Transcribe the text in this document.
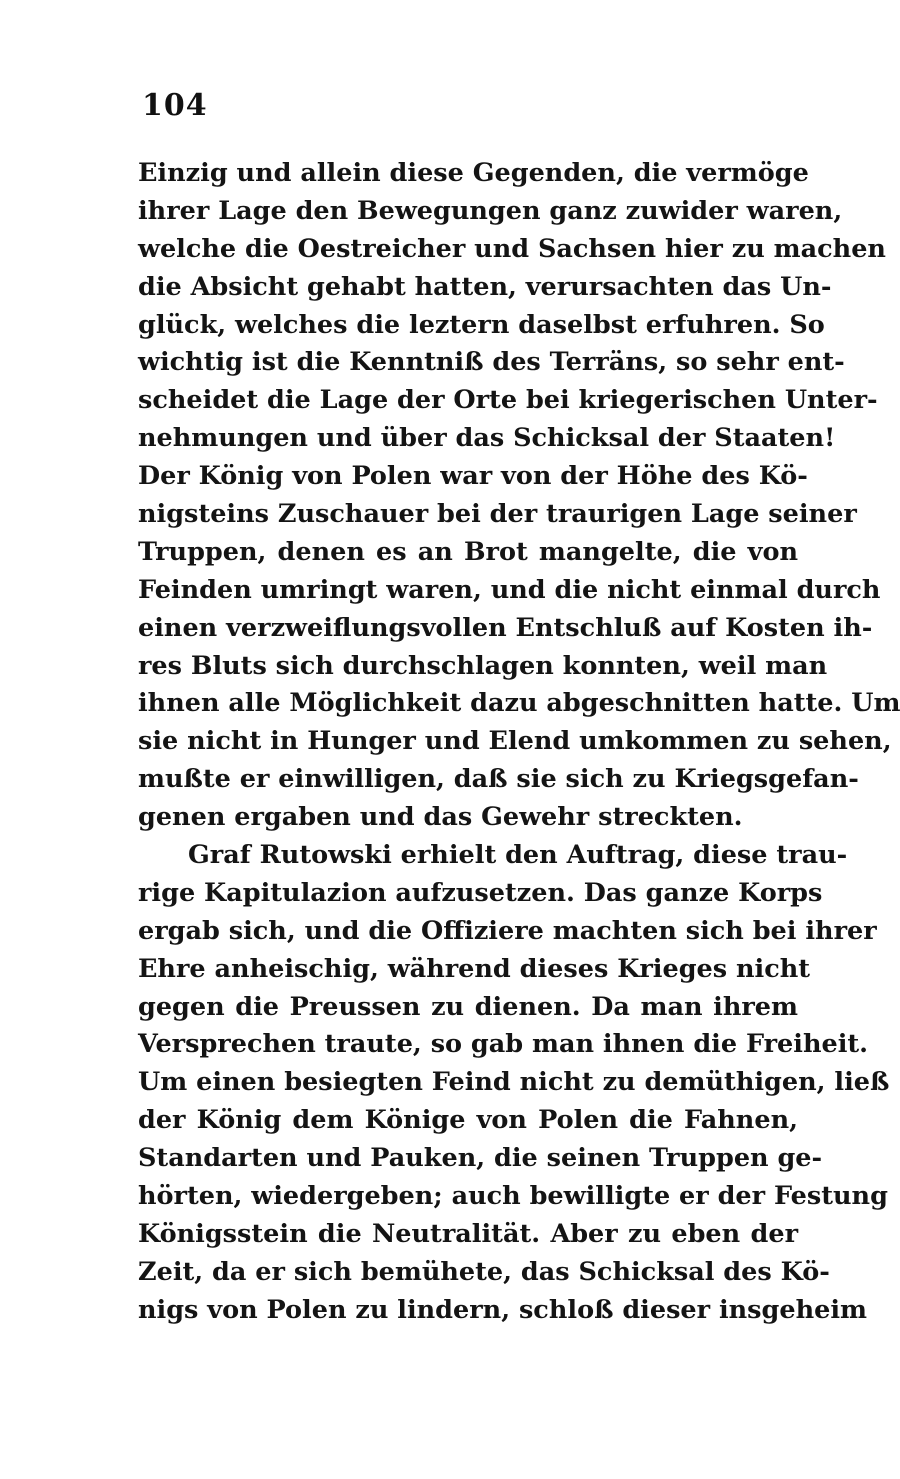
104
Einzig und allein diese Gegenden, die vermöge
ihrer Lage den Bewegungen ganz zuwider waren,
welche die Oestreicher und Sachsen hier zu machen
die Absicht gehabt hatten, verursachten das Un-
glück, welches die leztern daselbst erfuhren. So
wichtig ist die Kenntniß des Terräns, so sehr ent-
scheidet die Lage der Orte bei kriegerischen Unter-
nehmungen und über das Schicksal der Staaten!
Der König von Polen war von der Höhe des Kö-
nigsteins Zuschauer bei der traurigen Lage seiner
Truppen, denen es an Brot mangelte, die von
Feinden umringt waren, und die nicht einmal durch
einen verzweiflungsvollen Entschluß auf Kosten ih-
res Bluts sich durchschlagen konnten, weil man
ihnen alle Möglichkeit dazu abgeschnitten hatte. Um
sie nicht in Hunger und Elend umkommen zu sehen,
mußte er einwilligen, daß sie sich zu Kriegsgefan-
genen ergaben und das Gewehr streckten.
Graf Rutowski erhielt den Auftrag, diese trau-
rige Kapitulazion aufzusetzen. Das ganze Korps
ergab sich, und die Offiziere machten sich bei ihrer
Ehre anheischig, während dieses Krieges nicht
gegen die Preussen zu dienen. Da man ihrem
Versprechen traute, so gab man ihnen die Freiheit.
Um einen besiegten Feind nicht zu demüthigen, ließ
der König dem Könige von Polen die Fahnen,
Standarten und Pauken, die seinen Truppen ge-
hörten, wiedergeben; auch bewilligte er der Festung
Königsstein die Neutralität. Aber zu eben der
Zeit, da er sich bemühete, das Schicksal des Kö-
nigs von Polen zu lindern, schloß dieser insgeheim
